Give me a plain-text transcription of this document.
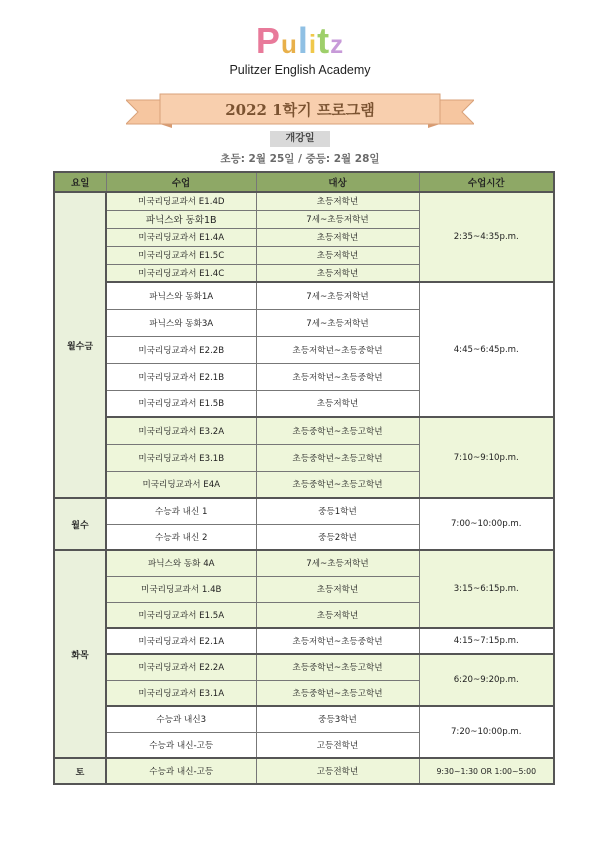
Pulitz
Pulitzer English Academy
2022 1학기 프로그램
개강일
초등: 2월 25일 / 중등: 2월 28일
요일	수업	대상	수업시간
월수금	미국리딩교과서 E1.4D	초등저학년	2:35~4:35p.m.
	파닉스와 동화1B	7세~초등저학년	
	미국리딩교과서 E1.4A	초등저학년	
	미국리딩교과서 E1.5C	초등저학년	
	미국리딩교과서 E1.4C	초등저학년	
	파닉스와 동화1A	7세~초등저학년	4:45~6:45p.m.
	파닉스와 동화3A	7세~초등저학년	
	미국리딩교과서 E2.2B	초등저학년~초등중학년	
	미국리딩교과서 E2.1B	초등저학년~초등중학년	
	미국리딩교과서 E1.5B	초등저학년	
	미국리딩교과서 E3.2A	초등중학년~초등고학년	7:10~9:10p.m.
	미국리딩교과서 E3.1B	초등중학년~초등고학년	
	미국리딩교과서 E4A	초등중학년~초등고학년	
월수	수능과 내신 1	중등1학년	7:00~10:00p.m.
	수능과 내신 2	중등2학년	
화목	파닉스와 동화 4A	7세~초등저학년	3:15~6:15p.m.
	미국리딩교과서 1.4B	초등저학년	
	미국리딩교과서 E1.5A	초등저학년	
	미국리딩교과서 E2.1A	초등저학년~초등중학년	4:15~7:15p.m.
	미국리딩교과서 E2.2A	초등중학년~초등고학년	6:20~9:20p.m.
	미국리딩교과서 E3.1A	초등중학년~초등고학년	
	수능과 내신3	중등3학년	7:20~10:00p.m.
	수능과 내신-고등	고등전학년	
토	수능과 내신-고등	고등전학년	9:30~1:30 OR 1:00~5:00
